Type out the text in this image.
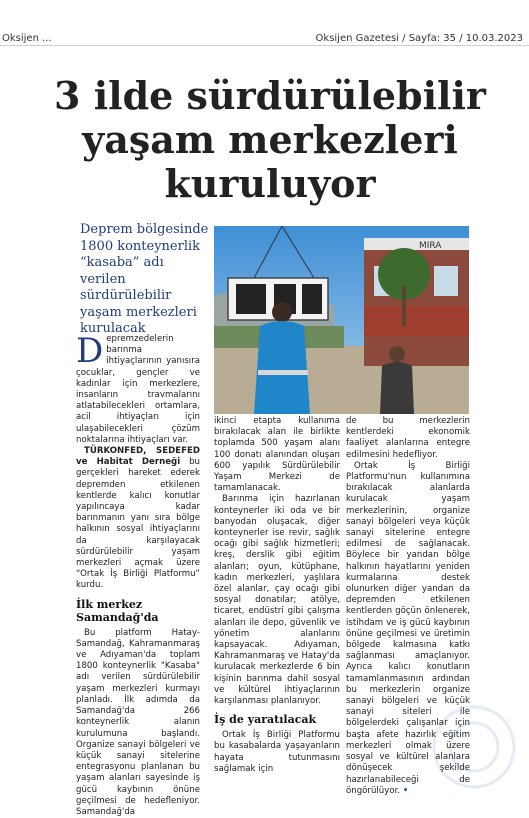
Oksijen ...	Oksijen Gazetesi / Sayfa: 35 / 10.03.2023
3 ilde sürdürülebilir
yaşam merkezleri
kuruluyor
Deprem bölgesinde 1800 konteynerlik “kasaba” adı verilen sürdürülebilir yaşam merkezleri kurulacak
MIRA

Depremzedelerin barınma ihtiyaçlarının yanısıra çocuklar, gençler ve kadınlar için merkezlere, insanların travmalarını atlatabilecekleri ortamlara, acil ihtiyaçları için ulaşabilecekleri çözüm noktalarına ihtiyaçları var.

TÜRKONFED, SEDEFED ve Habitat Derneği bu gerçekleri hareket ederek depremden etkilenen kentlerde kalıcı konutlar yapılıncaya kadar barınmanın yanı sıra bölge halkının sosyal ihtiyaçlarını da karşılayacak sürdürülebilir yaşam merkezleri açmak üzere “Ortak İş Birliği Platformu” kurdu.

İlk merkez Samandağ'da

Bu platform Hatay-Samandağ, Kahramanmaraş ve Adıyaman'da toplam 1800 konteynerlik "Kasaba" adı verilen sürdürülebilir yaşam merkezleri kurmayı planladı. İlk adımda da Samandağ'da 266 konteynerlik alanın kurulumuna başlandı. Organize sanayi bölgeleri ve küçük sanayi sitelerine entegrasyonu planlanan bu yaşam alanları sayesinde iş gücü kaybının önüne geçilmesi de hedefleniyor. Samandağ'da

ikinci etapta kullanıma bırakılacak alan ile birlikte toplamda 500 yaşam alanı 100 donatı alanından oluşan 600 yapılık Sürdürülebilir Yaşam Merkezi de tamamlanacak.

Barınma için hazırlanan konteynerler iki oda ve bir banyodan oluşacak, diğer konteynerler ise revir, sağlık ocağı gibi sağlık hizmetleri; kreş, derslik gibi eğitim alanları; oyun, kütüphane, kadın merkezleri, yaşlılara özel alanlar, çay ocağı gibi sosyal donatılar; atölye, ticaret, endüstri gibi çalışma alanları ile depo, güvenlik ve yönetim alanlarını kapsayacak. Adıyaman, Kahramanmaraş ve Hatay'da kurulacak merkezlerde 6 bin kişinin barınma dahil sosyal ve kültürel ihtiyaçlarının karşılanması planlanıyor.

İş de yaratılacak

Ortak İş Birliği Platformu bu kasabalarda yaşayanların hayata tutunmasını sağlamak için

de bu merkezlerin kentlerdeki ekonomik faaliyet alanlarına entegre edilmesini hedefliyor.

Ortak İş Birliği Platformu'nun kullanımına bırakılacak alanlarda kurulacak yaşam merkezlerinin, organize sanayi bölgeleri veya küçük sanayi sitelerine entegre edilmesi de sağlanacak. Böylece bir yandan bölge halkının hayatlarını yeniden kurmalarına destek olunurken diğer yandan da depremden etkilenen kentlerden göçün önlenerek, istihdam ve iş gücü kaybının önüne geçilmesi ve üretimin bölgede kalmasına katkı sağlanması amaçlanıyor. Ayrıca kalıcı konutların tamamlanmasının ardından bu merkezlerin organize sanayi bölgeleri ve küçük sanayi siteleri ile bölgelerdeki çalışanlar için başta afete hazırlık eğitim merkezleri olmak üzere sosyal ve kültürel alanlara dönüşecek şekilde hazırlanabileceği de öngörülüyor. •
